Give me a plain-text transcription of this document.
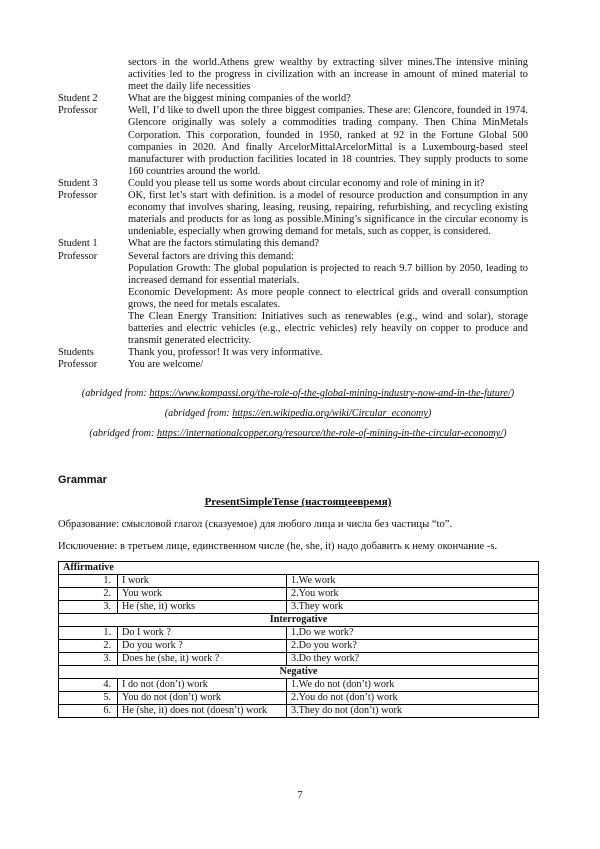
sectors in the world.Athens grew wealthy by extracting silver mines.The intensive mining activities led to the progress in civilization with an increase in amount of mined material to meet the daily life necessities
Student 2	What are the biggest mining companies of the world?
Professor	Well, I’d like to dwell upon the three biggest companies. These are: Glencore, founded in 1974. Glencore originally was solely a commodities trading company. Then China MinMetals Corporation. This corporation, founded in 1950, ranked at 92 in the Fortune Global 500 companies in 2020. And finally ArcelorMittalArcelorMittal is a Luxembourg-based steel manufacturer with production facilities located in 18 countries. They supply products to some 160 countries around the world.
Student 3	Could you please tell us some words about circular economy and role of mining in it?
Professor	OK, first let’s start with definition. is a model of resource production and consumption in any economy that involves sharing, leasing, reusing, repairing, refurbishing, and recycling existing materials and products for as long as possible.Mining’s significance in the circular economy is undeniable, especially when growing demand for metals, such as copper, is considered.
Student 1	What are the factors stimulating this demand?
Professor	Several factors are driving this demand:
Population Growth: The global population is projected to reach 9.7 billion by 2050, leading to increased demand for essential materials.
Economic Development: As more people connect to electrical grids and overall consumption grows, the need for metals escalates.
The Clean Energy Transition: Initiatives such as renewables (e.g., wind and solar), storage batteries and electric vehicles (e.g., electric vehicles) rely heavily on copper to produce and transmit generated electricity.
Students	Thank you, professor! It was very informative.
Professor	You are welcome/
(abridged from: https://www.kompassi.org/the-role-of-the-global-mining-industry-now-and-in-the-future/)
(abridged from: https://en.wikipedia.org/wiki/Circular_economy)
(abridged from: https://internationalcopper.org/resource/the-role-of-mining-in-the-circular-economy/)
Grammar
PresentSimpleTense (настоящеевремя)
Образование: смысловой глагол (сказуемое) для любого лица и числа без частицы “to”.
Исключение: в третьем лице, единственном числе (he, she, it) надо добавить к нему окончание -s.
Affirmative		
1.	I work	1.We work
2.	You work	2.You work
3.	He (she, it) works	3.They work
Interrogative		
1.	Do I work ?	1.Do we work?
2.	Do you work ?	2.Do you work?
3.	Does he (she, it) work ?	3.Do they work?
Negative		
4.	I do not (don’t) work	1.We do not (don’t) work
5.	You do not (don’t) work	2.You do not (don’t) work
6.	He (she, it) does not (doesn’t) work	3.They do not (don’t) work
7
